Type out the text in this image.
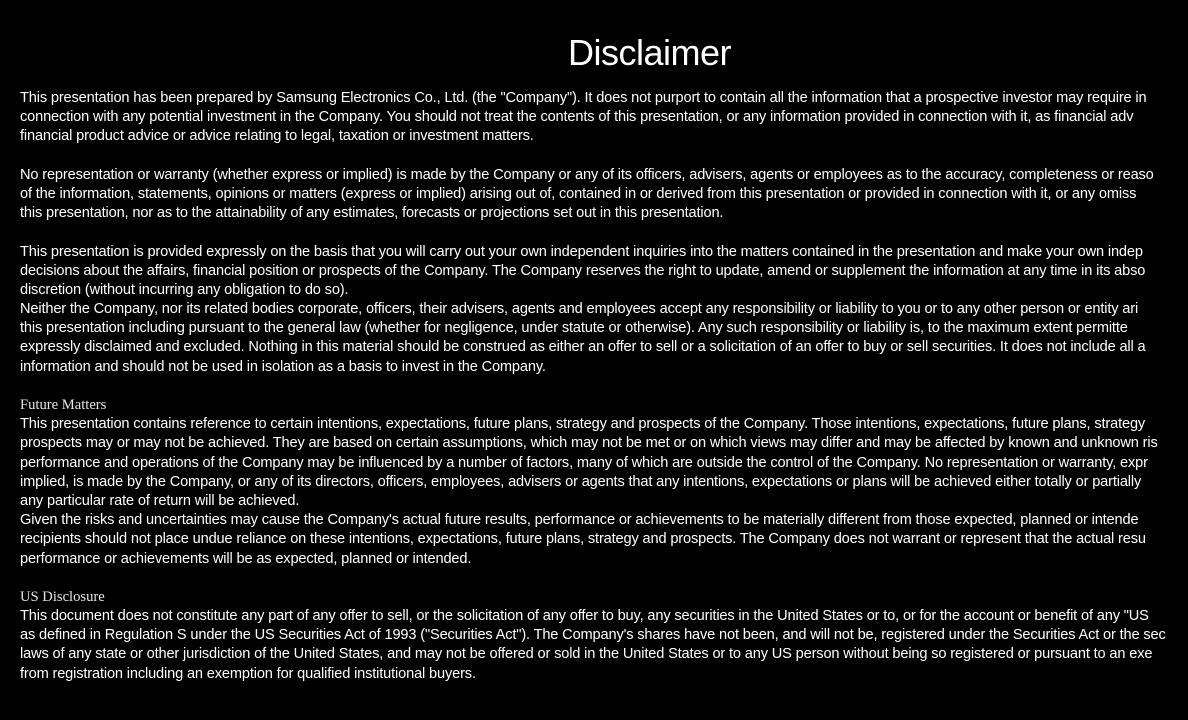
Disclaimer
This presentation has been prepared by Samsung Electronics Co., Ltd. (the "Company"). It does not purport to contain all the information that a prospective investor may require in
connection with any potential investment in the Company. You should not treat the contents of this presentation, or any information provided in connection with it, as financial adv
financial product advice or advice relating to legal, taxation or investment matters.
No representation or warranty (whether express or implied) is made by the Company or any of its officers, advisers, agents or employees as to the accuracy, completeness or reaso
of the information, statements, opinions or matters (express or implied) arising out of, contained in or derived from this presentation or provided in connection with it, or any omiss
this presentation, nor as to the attainability of any estimates, forecasts or projections set out in this presentation.
This presentation is provided expressly on the basis that you will carry out your own independent inquiries into the matters contained in the presentation and make your own indep
decisions about the affairs, financial position or prospects of the Company. The Company reserves the right to update, amend or supplement the information at any time in its abso
discretion (without incurring any obligation to do so).
Neither the Company, nor its related bodies corporate, officers, their advisers, agents and employees accept any responsibility or liability to you or to any other person or entity ari
this presentation including pursuant to the general law (whether for negligence, under statute or otherwise). Any such responsibility or liability is, to the maximum extent permitte
expressly disclaimed and excluded. Nothing in this material should be construed as either an offer to sell or a solicitation of an offer to buy or sell securities. It does not include all a
information and should not be used in isolation as a basis to invest in the Company.
Future Matters
This presentation contains reference to certain intentions, expectations, future plans, strategy and prospects of the Company. Those intentions, expectations, future plans, strategy
prospects may or may not be achieved. They are based on certain assumptions, which may not be met or on which views may differ and may be affected by known and unknown ris
performance and operations of the Company may be influenced by a number of factors, many of which are outside the control of the Company. No representation or warranty, expr
implied, is made by the Company, or any of its directors, officers, employees, advisers or agents that any intentions, expectations or plans will be achieved either totally or partially
any particular rate of return will be achieved.
Given the risks and uncertainties may cause the Company's actual future results, performance or achievements to be materially different from those expected, planned or intende
recipients should not place undue reliance on these intentions, expectations, future plans, strategy and prospects. The Company does not warrant or represent that the actual resu
performance or achievements will be as expected, planned or intended.
US Disclosure
This document does not constitute any part of any offer to sell, or the solicitation of any offer to buy, any securities in the United States or to, or for the account or benefit of any "US
as defined in Regulation S under the US Securities Act of 1993 ("Securities Act"). The Company's shares have not been, and will not be, registered under the Securities Act or the sec
laws of any state or other jurisdiction of the United States, and may not be offered or sold in the United States or to any US person without being so registered or pursuant to an exe
from registration including an exemption for qualified institutional buyers.
